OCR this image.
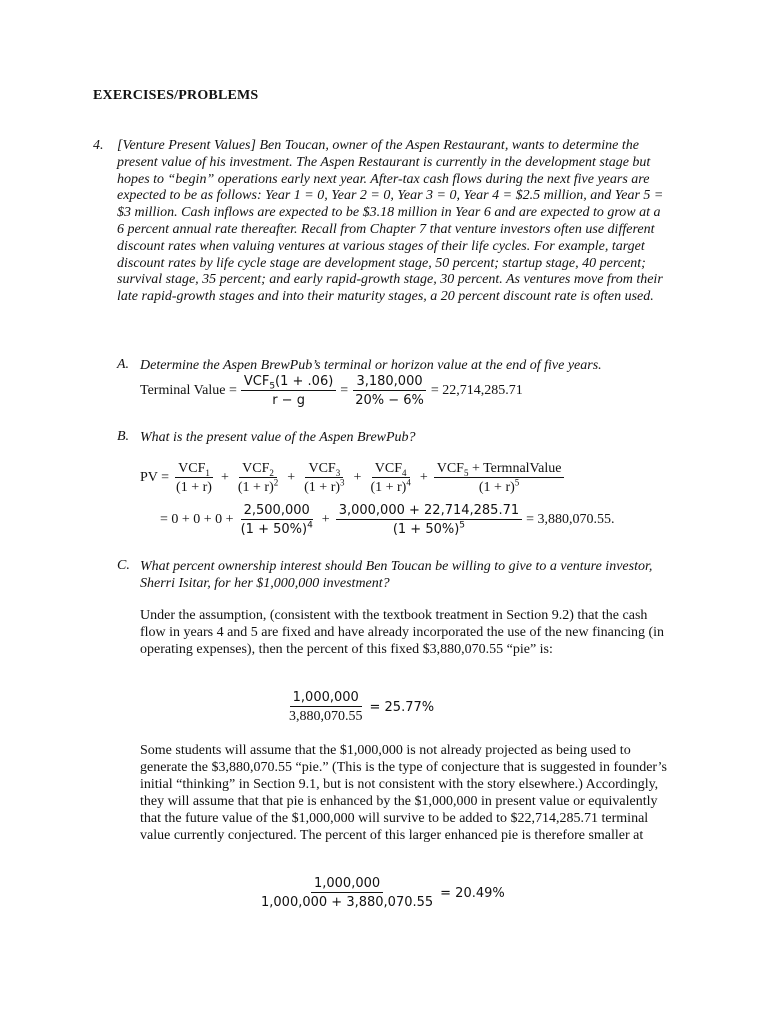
EXERCISES/PROBLEMS
4. [Venture Present Values] Ben Toucan, owner of the Aspen Restaurant, wants to determine the present value of his investment. The Aspen Restaurant is currently in the development stage but hopes to “begin” operations early next year. After-tax cash flows during the next five years are expected to be as follows: Year 1 = 0, Year 2 = 0, Year 3 = 0, Year 4 = $2.5 million, and Year 5 = $3 million. Cash inflows are expected to be $3.18 million in Year 6 and are expected to grow at a 6 percent annual rate thereafter. Recall from Chapter 7 that venture investors often use different discount rates when valuing ventures at various stages of their life cycles. For example, target discount rates by life cycle stage are development stage, 50 percent; startup stage, 40 percent; survival stage, 35 percent; and early rapid-growth stage, 30 percent. As ventures move from their late rapid-growth stages and into their maturity stages, a 20 percent discount rate is often used.
A. Determine the Aspen BrewPub’s terminal or horizon value at the end of five years.
Terminal Value = $\frac{VCF_5(1 + .06)}{r - g} = \frac{3,180,000}{20\% - 6\%} = 22,714,285.71$
B. What is the present value of the Aspen BrewPub?
PV = $\frac{VCF_1}{(1 + r)} + \frac{VCF_2}{(1 + r)^2} + \frac{VCF_3}{(1 + r)^3} + \frac{VCF_4}{(1 + r)^4} + \frac{VCF_5 + TermnalValue}{(1 + r)^5}$
= $0 + 0 + 0 + \frac{2,500,000}{(1 + 50\%)^4} + \frac{3,000,000 + 22,714,285.71}{(1 + 50\%)^5} = 3,880,070.55$.
C. What percent ownership interest should Ben Toucan be willing to give to a venture investor, Sherri Isitar, for her $1,000,000 investment?
Under the assumption, (consistent with the textbook treatment in Section 9.2) that the cash flow in years 4 and 5 are fixed and have already incorporated the use of the new financing (in operating expenses), then the percent of this fixed $3,880,070.55 “pie” is:
$\frac{1,000,000}{3,880,070.55} = 25.77\%$
Some students will assume that the $1,000,000 is not already projected as being used to generate the $3,880,070.55 “pie.” (This is the type of conjecture that is suggested in founder’s initial “thinking” in Section 9.1, but is not consistent with the story elsewhere.) Accordingly, they will assume that that pie is enhanced by the $1,000,000 in present value or equivalently that the future value of the $1,000,000 will survive to be added to $22,714,285.71 terminal value currently conjectured. The percent of this larger enhanced pie is therefore smaller at
$\frac{1,000,000}{1,000,000 + 3,880,070.55} = 20.49\%$
